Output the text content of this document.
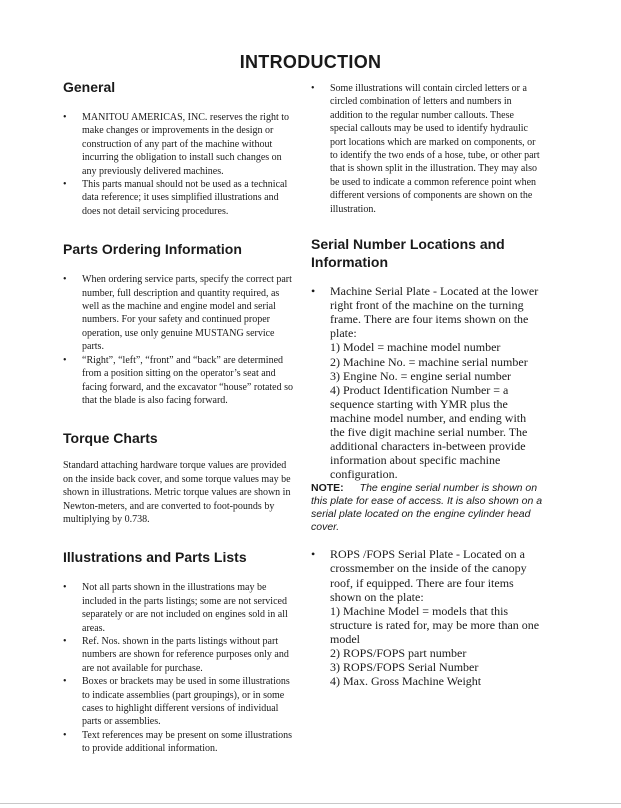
INTRODUCTION
General
• MANITOU AMERICAS, INC. reserves the right to make changes or improvements in the design or construction of any part of the machine without incurring the obligation to install such changes on any previously delivered machines.
• This parts manual should not be used as a technical data reference; it uses simplified illustrations and does not detail servicing procedures.
Parts Ordering Information
• When ordering service parts, specify the correct part number, full description and quantity required, as well as the machine and engine model and serial numbers. For your safety and continued proper operation, use only genuine MUSTANG service parts.
• “Right”, “left”, “front” and “back” are determined from a position sitting on the operator’s seat and facing forward, and the excavator “house” rotated so that the blade is also facing forward.
Torque Charts

Standard attaching hardware torque values are provided on the inside back cover, and some torque values may be shown in illustrations. Metric torque values are shown in Newton-meters, and are converted to foot-pounds by multiplying by 0.738.

Illustrations and Parts Lists
• Not all parts shown in the illustrations may be included in the parts listings; some are not serviced separately or are not included on engines sold in all areas.
• Ref. Nos. shown in the parts listings without part numbers are shown for reference purposes only and are not available for purchase.
• Boxes or brackets may be used in some illustrations to indicate assemblies (part groupings), or in some cases to highlight different versions of individual parts or assemblies.
• Text references may be present on some illustrations to provide additional information.
• Some illustrations will contain circled letters or a circled combination of letters and numbers in addition to the regular number callouts. These special callouts may be used to identify hydraulic port locations which are marked on components, or to identify the two ends of a hose, tube, or other part that is shown split in the illustration. They may also be used to indicate a common reference point when different versions of components are shown on the illustration.
Serial Number Locations and
Information
• Machine Serial Plate - Located at the lower right front of the machine on the turning frame. There are four items shown on the plate:
1) Model = machine model number
2) Machine No. = machine serial number
3) Engine No. = engine serial number
4) Product Identification Number = a sequence starting with YMR plus the machine model number, and ending with the five digit machine serial number. The additional characters in-between provide information about specific machine configuration.

NOTE: The engine serial number is shown on this plate for ease of access. It is also shown on a serial plate located on the engine cylinder head cover.

• ROPS /FOPS Serial Plate - Located on a crossmember on the inside of the canopy roof, if equipped. There are four items shown on the plate:
1) Machine Model = models that this structure is rated for, may be more than one model
2) ROPS/FOPS part number
3) ROPS/FOPS Serial Number
4) Max. Gross Machine Weight
